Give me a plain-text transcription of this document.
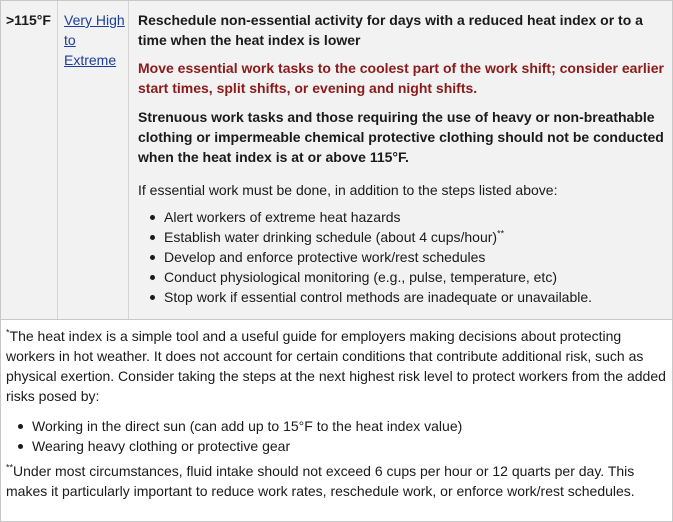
>115°F Very High to Extreme
Reschedule non-essential activity for days with a reduced heat index or to a time when the heat index is lower
Move essential work tasks to the coolest part of the work shift; consider earlier start times, split shifts, or evening and night shifts.
Strenuous work tasks and those requiring the use of heavy or non-breathable clothing or impermeable chemical protective clothing should not be conducted when the heat index is at or above 115°F.
If essential work must be done, in addition to the steps listed above:
Alert workers of extreme heat hazards
Establish water drinking schedule (about 4 cups/hour)**
Develop and enforce protective work/rest schedules
Conduct physiological monitoring (e.g., pulse, temperature, etc)
Stop work if essential control methods are inadequate or unavailable.
*The heat index is a simple tool and a useful guide for employers making decisions about protecting workers in hot weather. It does not account for certain conditions that contribute additional risk, such as physical exertion. Consider taking the steps at the next highest risk level to protect workers from the added risks posed by:
Working in the direct sun (can add up to 15°F to the heat index value)
Wearing heavy clothing or protective gear
**Under most circumstances, fluid intake should not exceed 6 cups per hour or 12 quarts per day. This makes it particularly important to reduce work rates, reschedule work, or enforce work/rest schedules.
